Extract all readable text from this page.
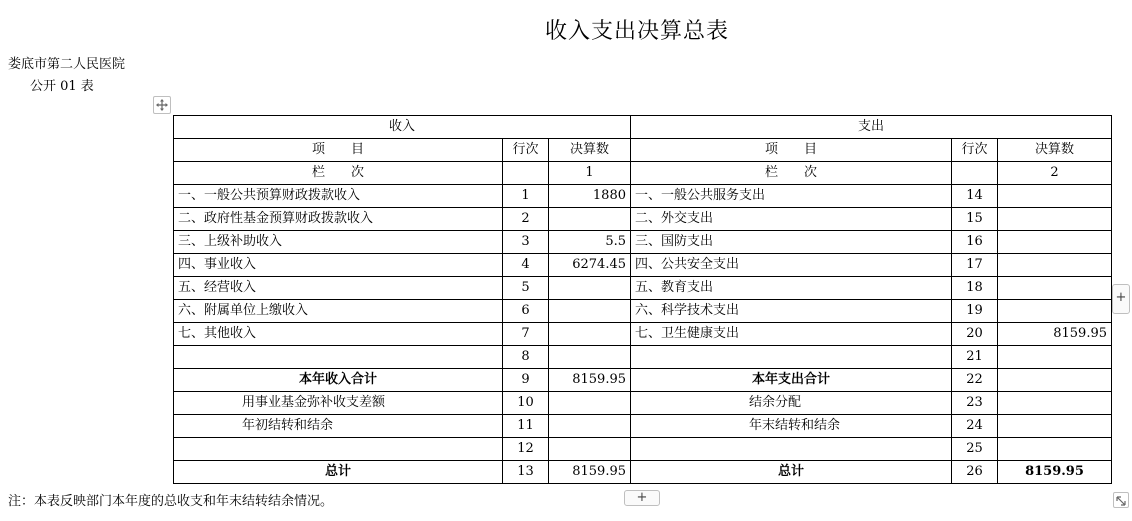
收入支出决算总表
娄底市第二人民医院
公开 01 表
收入			支出		
项　　目	行次	决算数	项　　目	行次	决算数
栏　　次		1	栏　　次		2
一、一般公共预算财政拨款收入	1	1880	一、一般公共服务支出	14	
二、政府性基金预算财政拨款收入	2		二、外交支出	15	
三、上级补助收入	3	5.5	三、国防支出	16	
四、事业收入	4	6274.45	四、公共安全支出	17	
五、经营收入	5		五、教育支出	18	
六、附属单位上缴收入	6		六、科学技术支出	19	
七、其他收入	7		七、卫生健康支出	20	8159.95
	8			21	
本年收入合计	9	8159.95	本年支出合计	22	
用事业基金弥补收支差额	10		结余分配	23	
年初结转和结余	11		年末结转和结余	24	
	12			25	
总计	13	8159.95	总计	26	8159.95
注：本表反映部门本年度的总收支和年末结转结余情况。	+
+
